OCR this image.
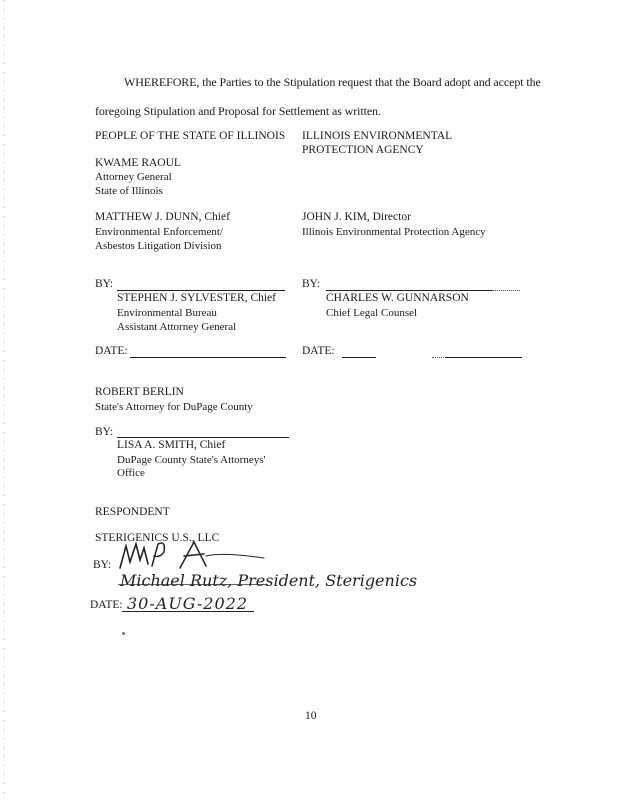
WHEREFORE, the Parties to the Stipulation request that the Board adopt and accept the
foregoing Stipulation and Proposal for Settlement as written.
PEOPLE OF THE STATE OF ILLINOIS
KWAME RAOUL
Attorney General
State of Illinois
MATTHEW J. DUNN, Chief
Environmental Enforcement/
Asbestos Litigation Division
BY:
STEPHEN J. SYLVESTER, Chief
Environmental Bureau
Assistant Attorney General
DATE:
ILLINOIS ENVIRONMENTAL
PROTECTION AGENCY
JOHN J. KIM, Director
Illinois Environmental Protection Agency
BY:
CHARLES W. GUNNARSON
Chief Legal Counsel
DATE:
ROBERT BERLIN
State's Attorney for DuPage County
BY:
LISA A. SMITH, Chief
DuPage County State's Attorneys'
Office
RESPONDENT
STERIGENICS U.S., LLC
BY:
Michael Rutz, President, Sterigenics
DATE: 30-AUG-2022
10
